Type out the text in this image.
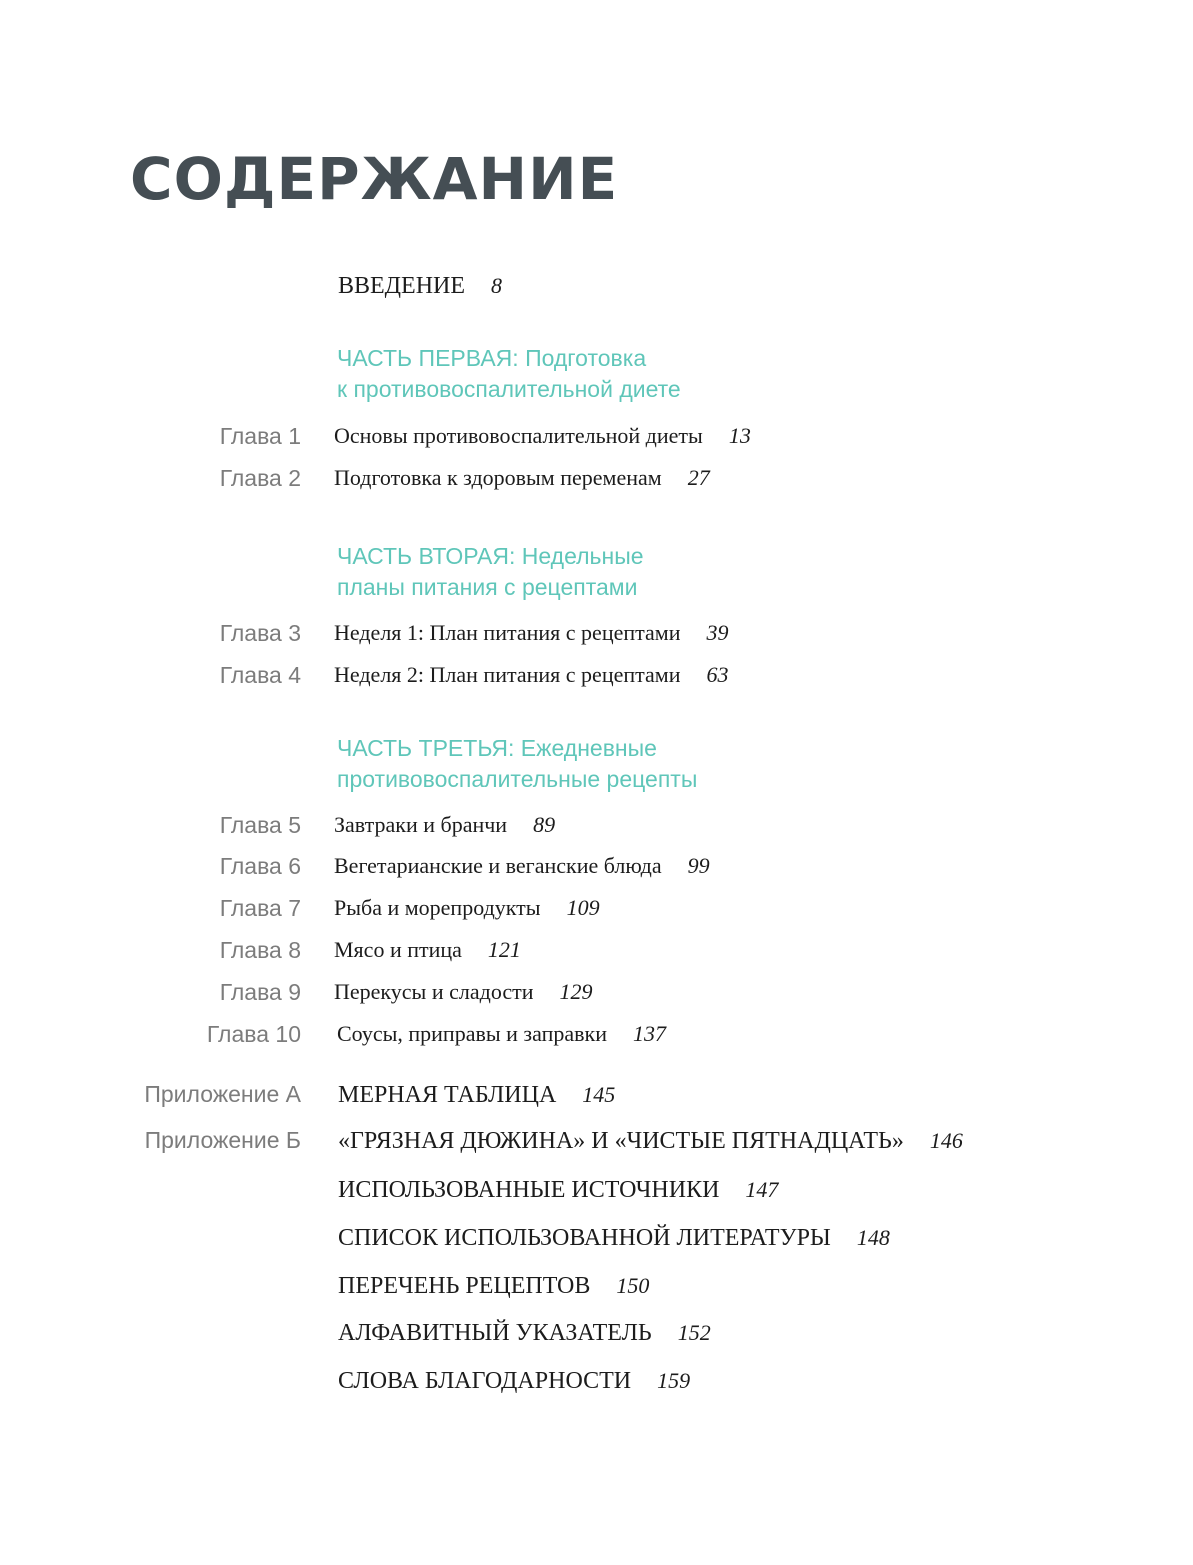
СОДЕРЖАНИЕ
ВВЕДЕНИЕ 8
ЧАСТЬ ПЕРВАЯ: Подготовка
к противовоспалительной диете
Глава 1 Основы противовоспалительной диеты 13
Глава 2 Подготовка к здоровым переменам 27
ЧАСТЬ ВТОРАЯ: Недельные
планы питания с рецептами
Глава 3 Неделя 1: План питания с рецептами 39
Глава 4 Неделя 2: План питания с рецептами 63
ЧАСТЬ ТРЕТЬЯ: Ежедневные
противовоспалительные рецепты
Глава 5 Завтраки и бранчи 89
Глава 6 Вегетарианские и веганские блюда 99
Глава 7 Рыба и морепродукты 109
Глава 8 Мясо и птица 121
Глава 9 Перекусы и сладости 129
Глава 10 Соусы, приправы и заправки 137
Приложение А МЕРНАЯ ТАБЛИЦА 145
Приложение Б «ГРЯЗНАЯ ДЮЖИНА» И «ЧИСТЫЕ ПЯТНАДЦАТЬ» 146
ИСПОЛЬЗОВАННЫЕ ИСТОЧНИКИ 147
СПИСОК ИСПОЛЬЗОВАННОЙ ЛИТЕРАТУРЫ 148
ПЕРЕЧЕНЬ РЕЦЕПТОВ 150
АЛФАВИТНЫЙ УКАЗАТЕЛЬ 152
СЛОВА БЛАГОДАРНОСТИ 159
